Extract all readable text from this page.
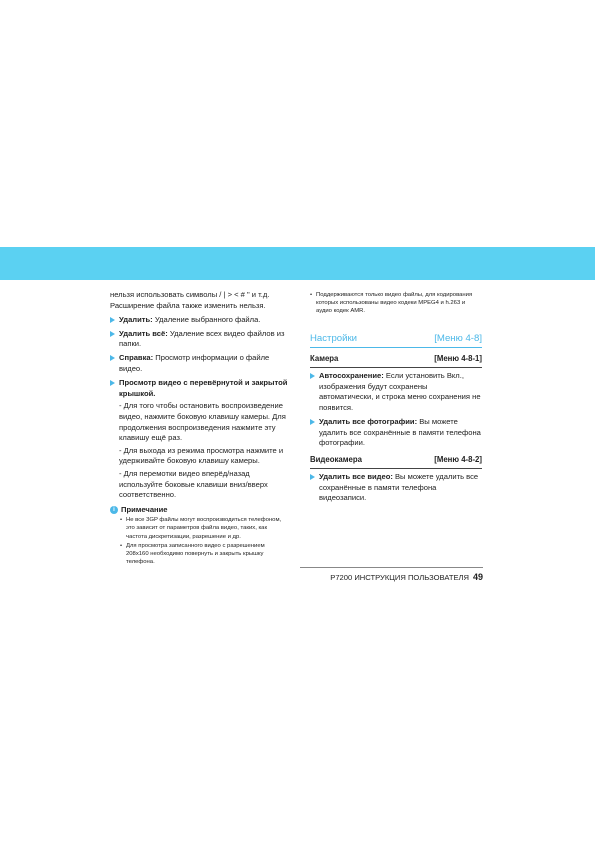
нельзя использовать символы / | > < # " и т.д.

Расширение файла также изменить нельзя.

Удалить: Удаление выбранного файла.

Удалить всё: Удаление всех видео файлов из папки.

Справка: Просмотр информации о файле видео.

Просмотр видео с перевёрнутой и закрытой крышкой.

- Для того чтобы остановить воспроизведение видео, нажмите боковую клавишу камеры. Для продолжения воспроизведения нажмите эту клавишу ещё раз.

- Для выхода из режима просмотра нажмите и удерживайте боковую клавишу камеры.

- Для перемотки видео вперёд/назад используйте боковые клавиши вниз/вверх соответственно.

i Примечание

• Не все 3GP файлы могут воспроизводиться телефоном, это зависит от параметров файла видео, таких, как частота дискретизации, разрешение и др.

• Для просмотра записанного видео с разрешением 208х160 необходимо повернуть и закрыть крышку телефона.

• Поддерживаются только видео файлы, для кодирования которых использованы видео кодеки MPEG4 и h.263 и аудио кодек AMR.

Настройки	[Меню 4-8]
Камера	[Меню 4-8-1]

Автосохранение: Если установить Вкл., изображения будут сохранены автоматически, и строка меню сохранения не появится.

Удалить все фотографии: Вы можете удалить все сохранённые в памяти телефона фотографии.

Видеокамера	[Меню 4-8-2]

Удалить все видео: Вы можете удалить все сохранённые в памяти телефона видеозаписи.

P7200 ИНСТРУКЦИЯ ПОЛЬЗОВАТЕЛЯ 49
